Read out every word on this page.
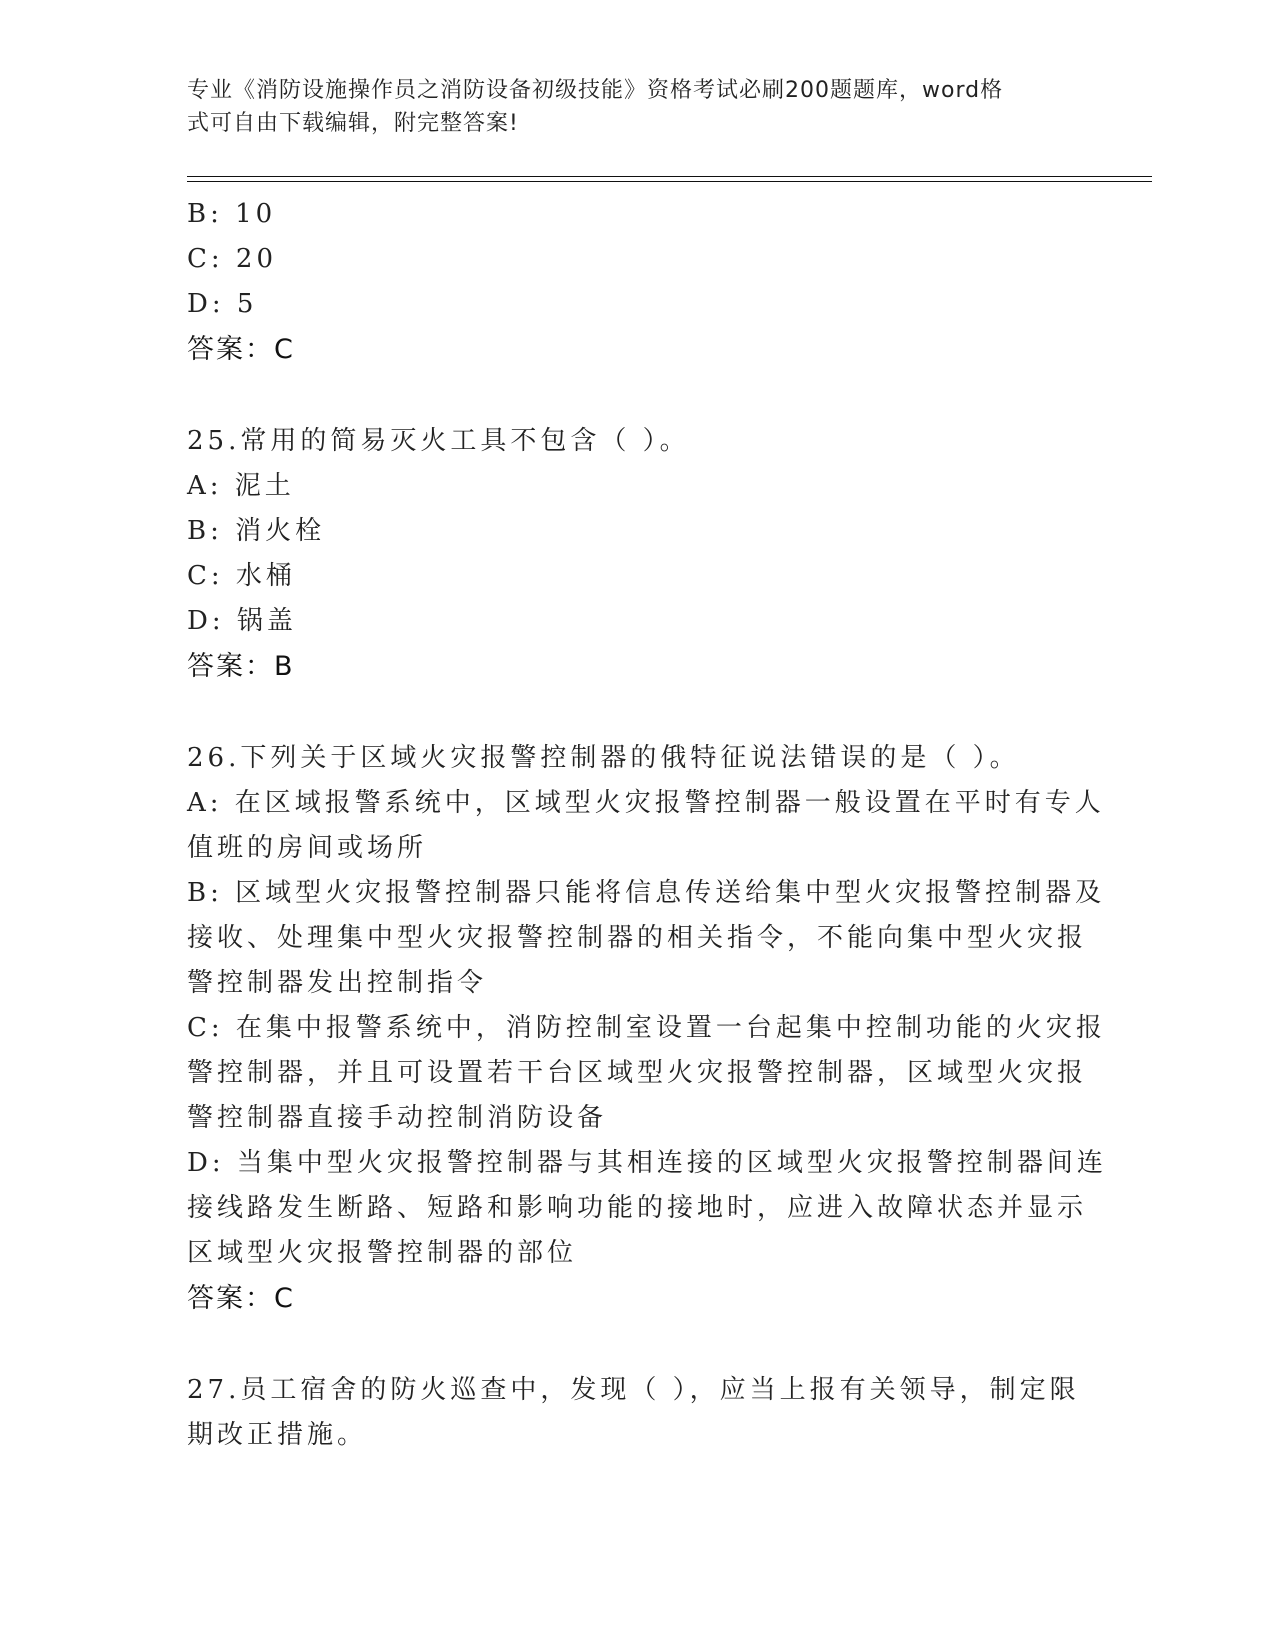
专业《消防设施操作员之消防设备初级技能》资格考试必刷200题题库，word格
式可自由下载编辑，附完整答案!
B: 10
C: 20
D: 5
答案：C
25.常用的简易灭火工具不包含（ ）。
A: 泥土
B: 消火栓
C: 水桶
D: 锅盖
答案：B
26.下列关于区域火灾报警控制器的俄特征说法错误的是（ ）。
A: 在区域报警系统中，区域型火灾报警控制器一般设置在平时有专人
值班的房间或场所
B: 区域型火灾报警控制器只能将信息传送给集中型火灾报警控制器及
接收、处理集中型火灾报警控制器的相关指令，不能向集中型火灾报
警控制器发出控制指令
C: 在集中报警系统中，消防控制室设置一台起集中控制功能的火灾报
警控制器，并且可设置若干台区域型火灾报警控制器，区域型火灾报
警控制器直接手动控制消防设备
D: 当集中型火灾报警控制器与其相连接的区域型火灾报警控制器间连
接线路发生断路、短路和影响功能的接地时，应进入故障状态并显示
区域型火灾报警控制器的部位
答案：C
27.员工宿舍的防火巡查中，发现（ ），应当上报有关领导，制定限
期改正措施。
